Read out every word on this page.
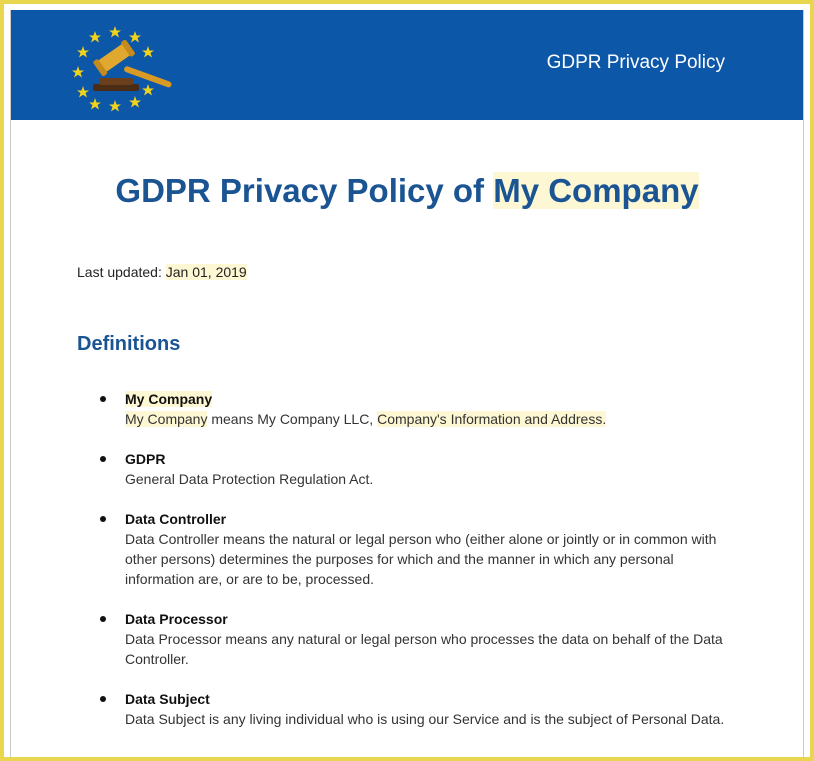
GDPR Privacy Policy
GDPR Privacy Policy of My Company
Last updated: Jan 01, 2019
Definitions
My Company
My Company means My Company LLC, Company's Information and Address.
GDPR
General Data Protection Regulation Act.
Data Controller
Data Controller means the natural or legal person who (either alone or jointly or in common with other persons) determines the purposes for which and the manner in which any personal information are, or are to be, processed.
Data Processor
Data Processor means any natural or legal person who processes the data on behalf of the Data Controller.
Data Subject
Data Subject is any living individual who is using our Service and is the subject of Personal Data.
